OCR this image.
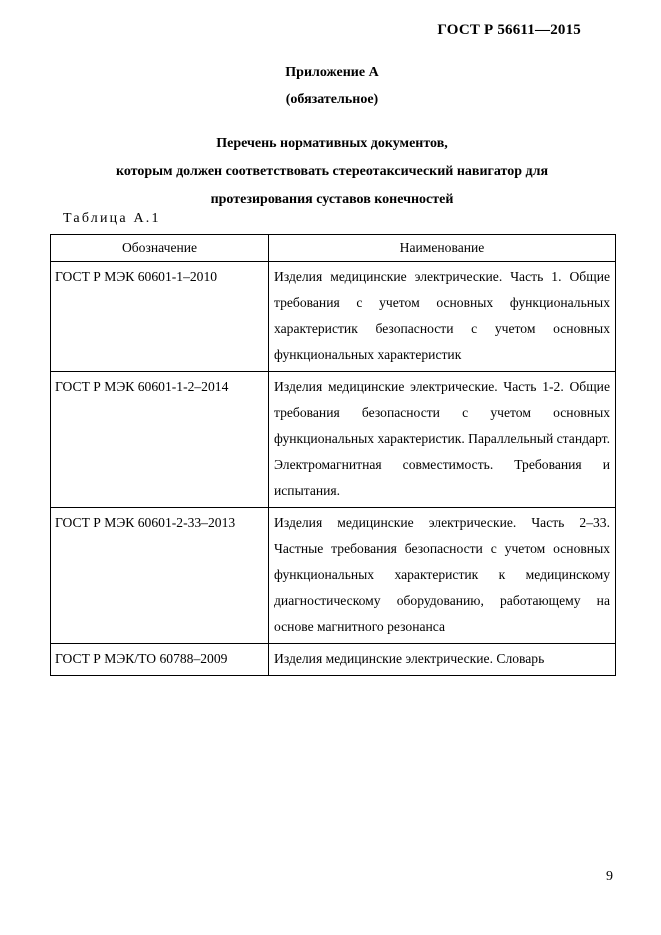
ГОСТ Р 56611—2015
Приложение А
(обязательное)
Перечень нормативных документов,
которым должен соответствовать стереотаксический навигатор для
протезирования суставов конечностей
Таблица А.1
Обозначение	Наименование
ГОСТ Р МЭК 60601-1–2010	Изделия медицинские электрические. Часть 1. Общие требования с учетом основных функциональных характеристик безопасности с учетом основных функциональных характеристик
ГОСТ Р МЭК 60601-1-2–2014	Изделия медицинские электрические. Часть 1-2. Общие требования безопасности с учетом основных функциональных характеристик. Параллельный стандарт. Электромагнитная совместимость. Требования и испытания.
ГОСТ Р МЭК 60601-2-33–2013	Изделия медицинские электрические. Часть 2–33. Частные требования безопасности с учетом основных функциональных характеристик к медицинскому диагностическому оборудованию, работающему на основе магнитного резонанса
ГОСТ Р МЭК/ТО 60788–2009	Изделия медицинские электрические. Словарь
9
